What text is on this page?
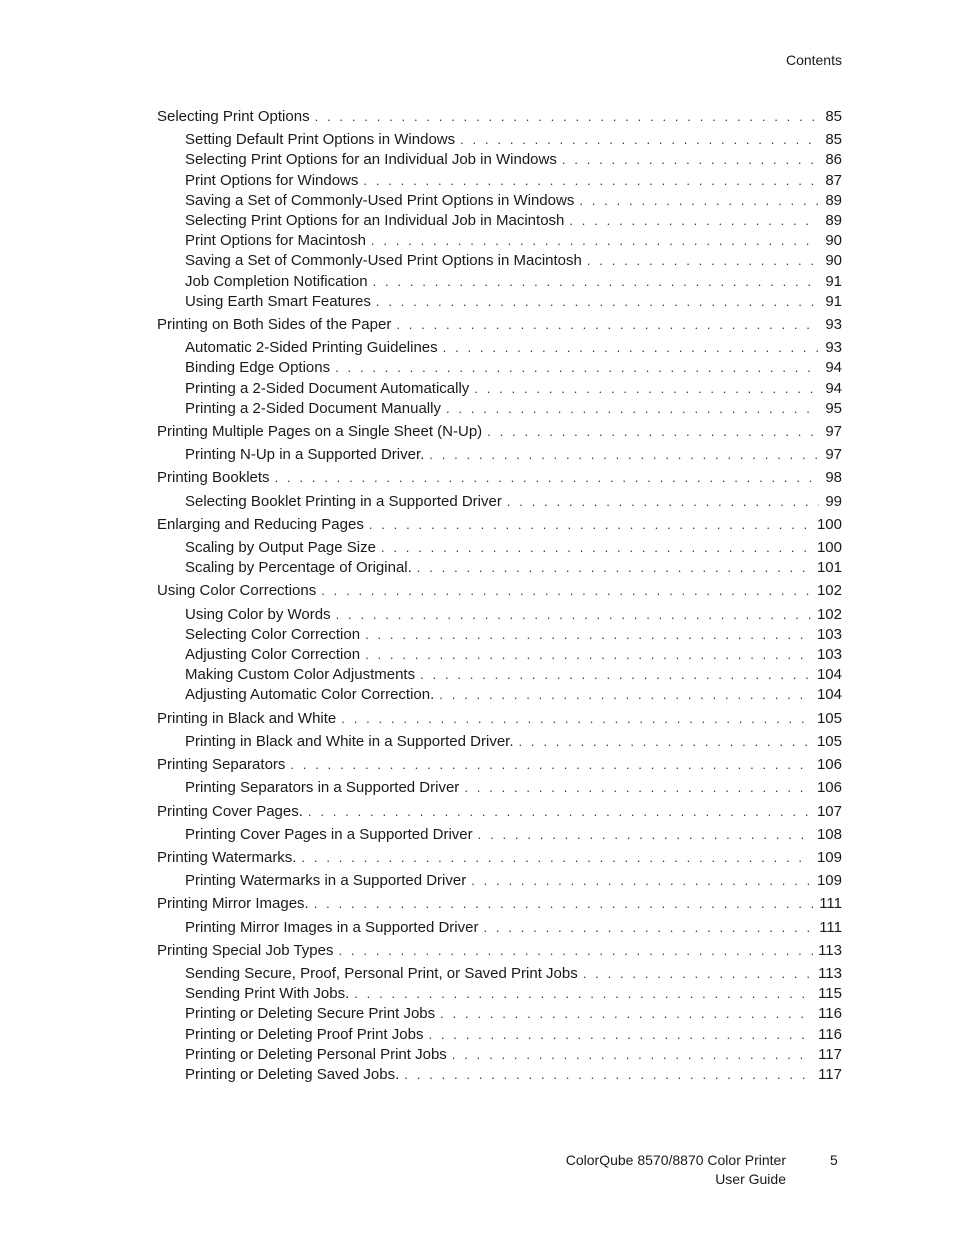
Contents
Selecting Print Options . . .	85
Setting Default Print Options in Windows . . .	85
Selecting Print Options for an Individual Job in Windows . . .	86
Print Options for Windows . . .	87
Saving a Set of Commonly-Used Print Options in Windows . . .	89
Selecting Print Options for an Individual Job in Macintosh . . .	89
Print Options for Macintosh . . .	90
Saving a Set of Commonly-Used Print Options in Macintosh . . .	90
Job Completion Notification . . .	91
Using Earth Smart Features . . .	91
Printing on Both Sides of the Paper . . .	93
Automatic 2-Sided Printing Guidelines . . .	93
Binding Edge Options . . .	94
Printing a 2-Sided Document Automatically . . .	94
Printing a 2-Sided Document Manually . . .	95
Printing Multiple Pages on a Single Sheet (N-Up) . . .	97
Printing N-Up in a Supported Driver. . . .	97
Printing Booklets . . .	98
Selecting Booklet Printing in a Supported Driver . . .	99
Enlarging and Reducing Pages . . .	100
Scaling by Output Page Size . . .	100
Scaling by Percentage of Original. . . .	101
Using Color Corrections . . .	102
Using Color by Words . . .	102
Selecting Color Correction . . .	103
Adjusting Color Correction . . .	103
Making Custom Color Adjustments . . .	104
Adjusting Automatic Color Correction. . . .	104
Printing in Black and White . . .	105
Printing in Black and White in a Supported Driver. . . .	105
Printing Separators . . .	106
Printing Separators in a Supported Driver . . .	106
Printing Cover Pages. . . .	107
Printing Cover Pages in a Supported Driver . . .	108
Printing Watermarks. . . .	109
Printing Watermarks in a Supported Driver . . .	109
Printing Mirror Images. . . .	111
Printing Mirror Images in a Supported Driver . . .	111
Printing Special Job Types . . .	113
Sending Secure, Proof, Personal Print, or Saved Print Jobs . . .	113
Sending Print With Jobs. . . .	115
Printing or Deleting Secure Print Jobs . . .	116
Printing or Deleting Proof Print Jobs . . .	116
Printing or Deleting Personal Print Jobs . . .	117
Printing or Deleting Saved Jobs. . . .	117
ColorQube 8570/8870 Color Printer
User Guide
5
